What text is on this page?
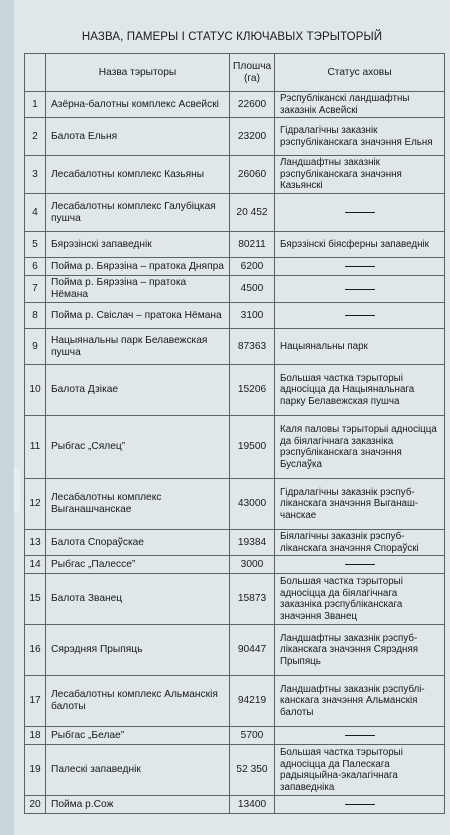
НАЗВА, ПАМЕРЫ І СТАТУС КЛЮЧАВЫХ ТЭРЫТОРЫЙ
	Назва тэрыторы	Плошча (га)	Статус аховы
1	Азёрна-балотны комплекс Асвейскі	22600	Рэспубліканскі ландшафтны заказнік Асвейскі
2	Балота Ельня	23200	Гідралагічны заказнік рэспубліканскага значэння Ельня
3	Лесабалотны комплекс Казьяны	26060	Ландшафтны заказнік рэспубліканскага значэння Казьянскі
4	Лесабалотны комплекс Галубіцкая пушча	20 452	

5	Бярэзінскі запаведнік	80211	Бярэзінскі біясферны запаведнік
6	Пойма р. Бярэзіна – пратока Дняпра	6200	

7	Пойма р. Бярэзіна – пратока Нёмана	4500	

8	Пойма р. Свіслач – пратока Нёмана	3100	

9	Нацыянальны парк Белавежская пушча	87363	Нацыянальны парк
10	Балота Дзікае	15206	Большая частка тэрыторыі адносіцца да Нацыянальнага парку Белавежская пушча
11	Рыбгас „Сялец”	19500	Каля паловы тэрыторыі адносіцца да біялагічнага заказніка рэспубліканскага значэння Буслаўка
12	Лесабалотны комплекс Выганашчанскае	43000	Гідралагічны заказнік рэспуб-ліканскага значэння Выганаш-чанскае
13	Балота Спораўскае	19384	Біялагічны заказнік рэспуб-ліканскага значэння Спораўскі
14	Рыбгас „Палессе”	3000	

15	Балота Званец	15873	Большая частка тэрыторыі адносіцца да біялагічнага заказніка рэспубліканскага значэння Званец
16	Сярэдняя Прыпяць	90447	Ландшафтны заказнік рэспуб-ліканскага значэння Сярэдняя Прыпяць
17	Лесабалотны комплекс Альманскія балоты	94219	Ландшафтны заказнік рэспублі-канскага значэння Альманскія балоты
18	Рыбгас „Белае”	5700	

19	Палескі запаведнік	52 350	Большая частка тэрыторыі адносіцца да Палескага радыяцыйна-экалагічнага запаведніка
20	Пойма р.Сож	13400	
